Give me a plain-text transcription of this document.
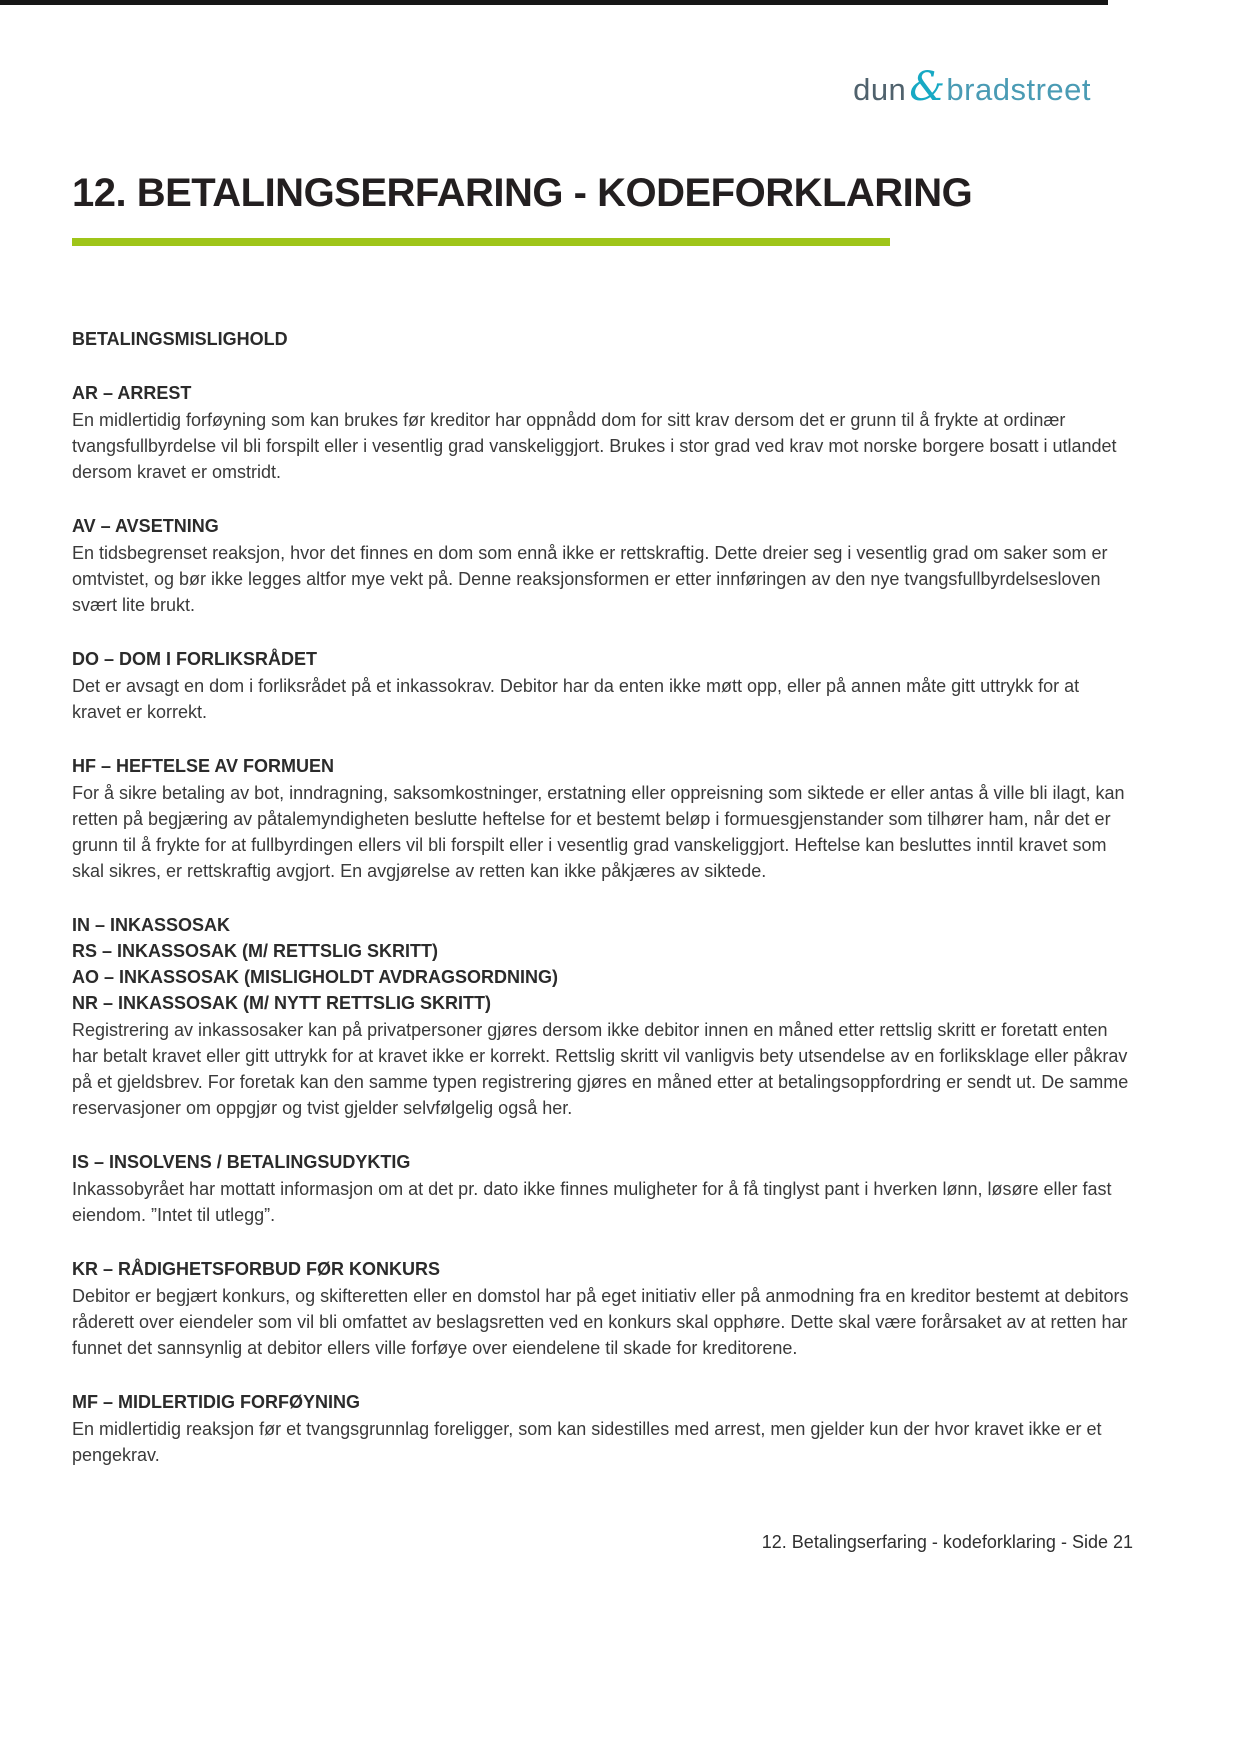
dun & bradstreet
12. BETALINGSERFARING - KODEFORKLARING
BETALINGSMISLIGHOLD
AR – ARREST

En midlertidig forføyning som kan brukes før kreditor har oppnådd dom for sitt krav dersom det er grunn til å frykte at ordinær tvangsfullbyrdelse vil bli forspilt eller i vesentlig grad vanskeliggjort. Brukes i stor grad ved krav mot norske borgere bosatt i utlandet dersom kravet er omstridt.

AV – AVSETNING

En tidsbegrenset reaksjon, hvor det finnes en dom som ennå ikke er rettskraftig. Dette dreier seg i vesentlig grad om saker som er omtvistet, og bør ikke legges altfor mye vekt på. Denne reaksjonsformen er etter innføringen av den nye tvangsfullbyrdelsesloven svært lite brukt.

DO – DOM I FORLIKSRÅDET

Det er avsagt en dom i forliksrådet på et inkassokrav. Debitor har da enten ikke møtt opp, eller på annen måte gitt uttrykk for at kravet er korrekt.

HF – HEFTELSE AV FORMUEN

For å sikre betaling av bot, inndragning, saksomkostninger, erstatning eller oppreisning som siktede er eller antas å ville bli ilagt, kan retten på begjæring av påtalemyndigheten beslutte heftelse for et bestemt beløp i formuesgjenstander som tilhører ham, når det er grunn til å frykte for at fullbyrdingen ellers vil bli forspilt eller i vesentlig grad vanskeliggjort. Heftelse kan besluttes inntil kravet som skal sikres, er rettskraftig avgjort. En avgjørelse av retten kan ikke påkjæres av siktede.

IN – INKASSOSAK
RS – INKASSOSAK (M/ RETTSLIG SKRITT)
AO – INKASSOSAK (MISLIGHOLDT AVDRAGSORDNING)
NR – INKASSOSAK (M/ NYTT RETTSLIG SKRITT)

Registrering av inkassosaker kan på privatpersoner gjøres dersom ikke debitor innen en måned etter rettslig skritt er foretatt enten har betalt kravet eller gitt uttrykk for at kravet ikke er korrekt. Rettslig skritt vil vanligvis bety utsendelse av en forliksklage eller påkrav på et gjeldsbrev. For foretak kan den samme typen registrering gjøres en måned etter at betalingsoppfordring er sendt ut. De samme reservasjoner om oppgjør og tvist gjelder selvfølgelig også her.

IS – INSOLVENS / BETALINGSUDYKTIG

Inkassobyrået har mottatt informasjon om at det pr. dato ikke finnes muligheter for å få tinglyst pant i hverken lønn, løsøre eller fast eiendom. ”Intet til utlegg”.

KR – RÅDIGHETSFORBUD FØR KONKURS

Debitor er begjært konkurs, og skifteretten eller en domstol har på eget initiativ eller på anmodning fra en kreditor bestemt at debitors råderett over eiendeler som vil bli omfattet av beslagsretten ved en konkurs skal opphøre. Dette skal være forårsaket av at retten har funnet det sannsynlig at debitor ellers ville forføye over eiendelene til skade for kreditorene.

MF – MIDLERTIDIG FORFØYNING

En midlertidig reaksjon før et tvangsgrunnlag foreligger, som kan sidestilles med arrest, men gjelder kun der hvor kravet ikke er et pengekrav.

12. Betalingserfaring - kodeforklaring - Side 21
